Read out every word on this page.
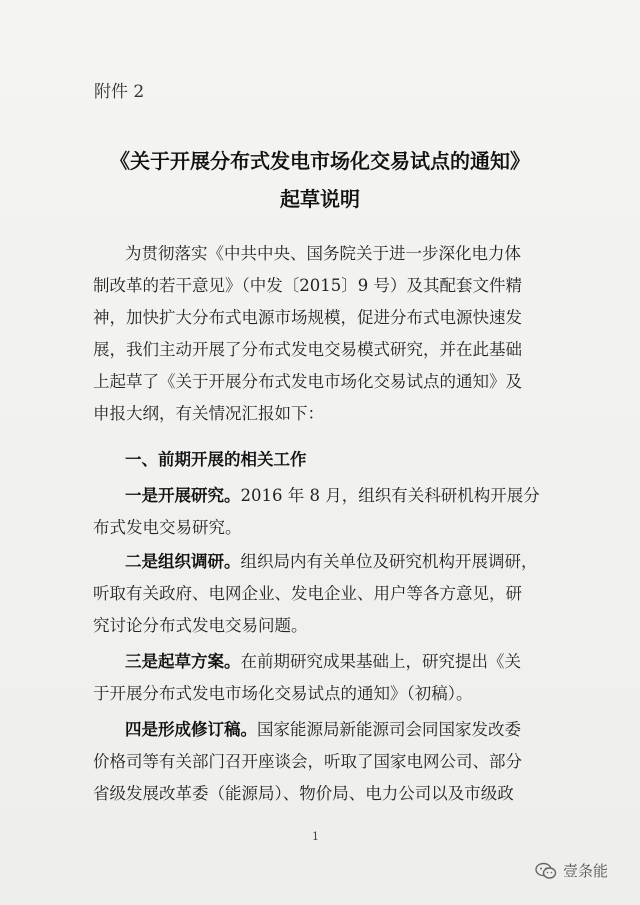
附件 2
《关于开展分布式发电市场化交易试点的通知》
起草说明
为贯彻落实《中共中央、国务院关于进一步深化电力体
制改革的若干意见》（中发〔2015〕9 号）及其配套文件精
神，加快扩大分布式电源市场规模，促进分布式电源快速发
展，我们主动开展了分布式发电交易模式研究，并在此基础
上起草了《关于开展分布式发电市场化交易试点的通知》及
申报大纲，有关情况汇报如下：
一、前期开展的相关工作
一是开展研究。2016 年 8 月，组织有关科研机构开展分
布式发电交易研究。
二是组织调研。组织局内有关单位及研究机构开展调研，
听取有关政府、电网企业、发电企业、用户等各方意见，研
究讨论分布式发电交易问题。
三是起草方案。在前期研究成果基础上，研究提出《关
于开展分布式发电市场化交易试点的通知》（初稿）。
四是形成修订稿。国家能源局新能源司会同国家发改委
价格司等有关部门召开座谈会，听取了国家电网公司、部分
省级发展改革委（能源局）、物价局、电力公司以及市级政
1
壹条能
